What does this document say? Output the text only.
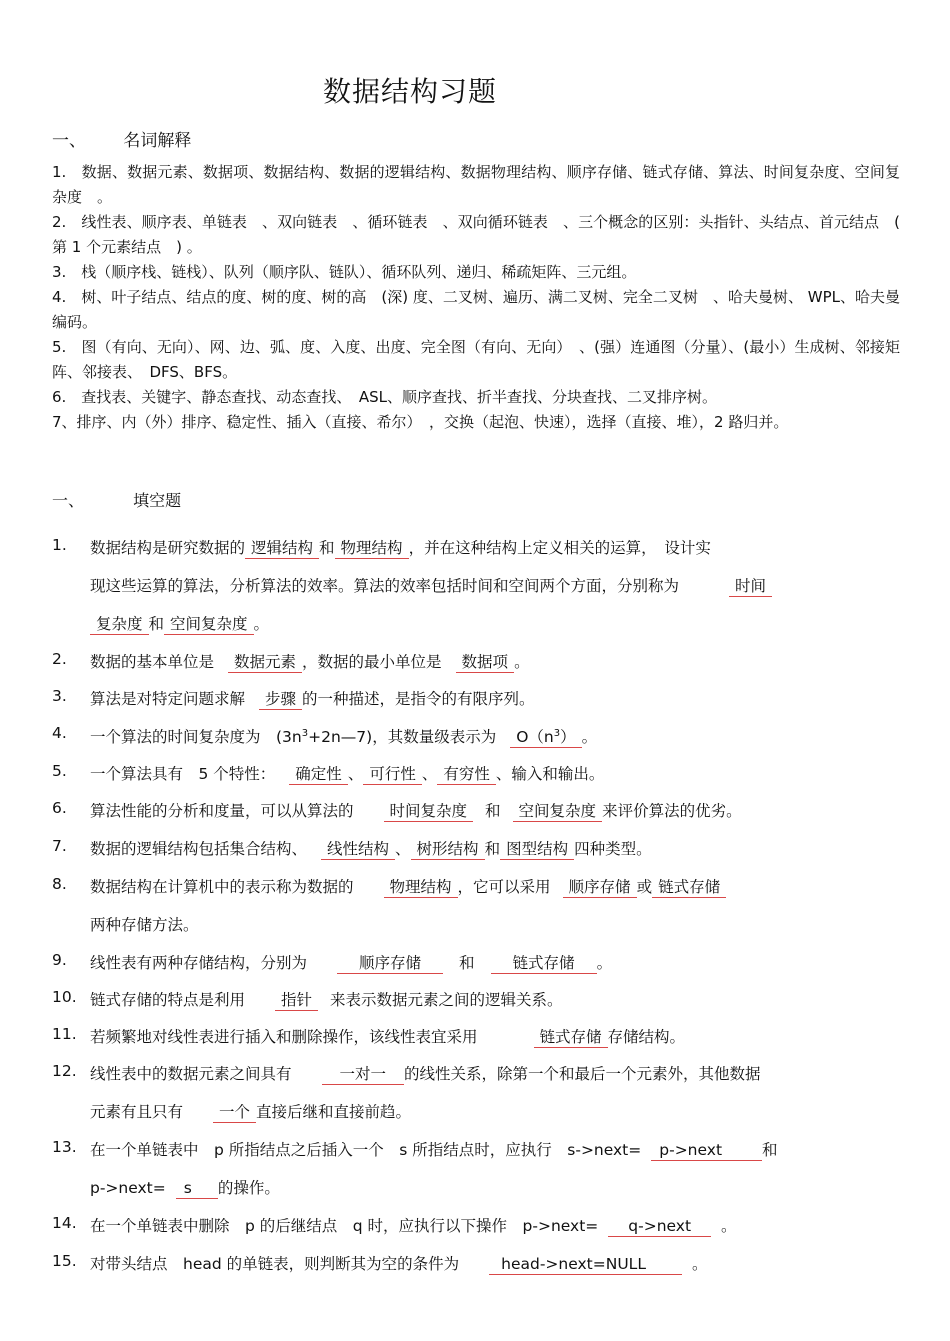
数据结构习题
一、 名词解释
1.　数据、数据元素、数据项、数据结构、数据的逻辑结构、数据物理结构、顺序存储、链式存储、算法、时间复杂度、空间复杂度　。
2.　线性表、顺序表、单链表　、双向链表　、循环链表　、双向循环链表　、三个概念的区别：头指针、头结点、首元结点　( 第 1 个元素结点　) 。
3.　栈（顺序栈、链栈）、队列（顺序队、链队）、循环队列、递归、稀疏矩阵、三元组。
4.　树、叶子结点、结点的度、树的度、树的高　(深) 度、二叉树、遍历、满二叉树、完全二叉树　、哈夫曼树、 WPL、哈夫曼编码。
5.　图（有向、无向）、网、边、弧、度、入度、出度、完全图（有向、无向）　、(强）连通图（分量）、(最小）生成树、邻接矩阵、邻接表、　DFS、BFS。
6.　查找表、关键字、静态查找、动态查找、　ASL、顺序查找、折半查找、分块查找、二叉排序树。
7、排序、内（外）排序、稳定性、插入（直接、希尔）　，交换（起泡、快速），选择（直接、堆），2 路归并。
一、	填空题
1. 数据结构是研究数据的 逻辑结构 和 物理结构 ，并在这种结构上定义相关的运算，　设计实
现这些运算的算法，分析算法的效率。算法的效率包括时间和空间两个方面，分别称为	时间
复杂度 和 空间复杂度 。
2. 数据的基本单位是 数据元素 ，数据的最小单位是 数据项 。
3. 算法是对特定问题求解 步骤 的一种描述，是指令的有限序列。
4. 一个算法的时间复杂度为　$(3n^3+2n—7)$，其数量级表示为 $O(n^3)$ 。
5. 一个算法具有　5 个特性： 确定性 、 可行性 、 有穷性 、输入和输出。
6. 算法性能的分析和度量，可以从算法的 时间复杂度 和 空间复杂度 来评价算法的优劣。
7. 数据的逻辑结构包括集合结构、 线性结构 、 树形结构 和 图型结构 四种类型。
8. 数据结构在计算机中的表示称为数据的 物理结构 ，它可以采用 顺序存储 或 链式存储
两种存储方法。
9. 线性表有两种存储结构，分别为	顺序存储 和 链式存储 。
10. 链式存储的特点是利用 指针 来表示数据元素之间的逻辑关系。
11. 若频繁地对线性表进行插入和删除操作，该线性表宜采用	链式存储 存储结构。
12. 线性表中的数据元素之间具有	一对一 的线性关系，除第一个和最后一个元素外，其他数据
元素有且只有 一个 直接后继和直接前趋。
13. 在一个单链表中　p 所指结点之后插入一个　s 所指结点时，应执行　s->next= p->next	和
p->next= s 的操作。
14. 在一个单链表中删除　p 的后继结点　q 时，应执行以下操作　p->next= q->next 。
15. 对带头结点　head 的单链表，则判断其为空的条件为	head->next=NULL	。
